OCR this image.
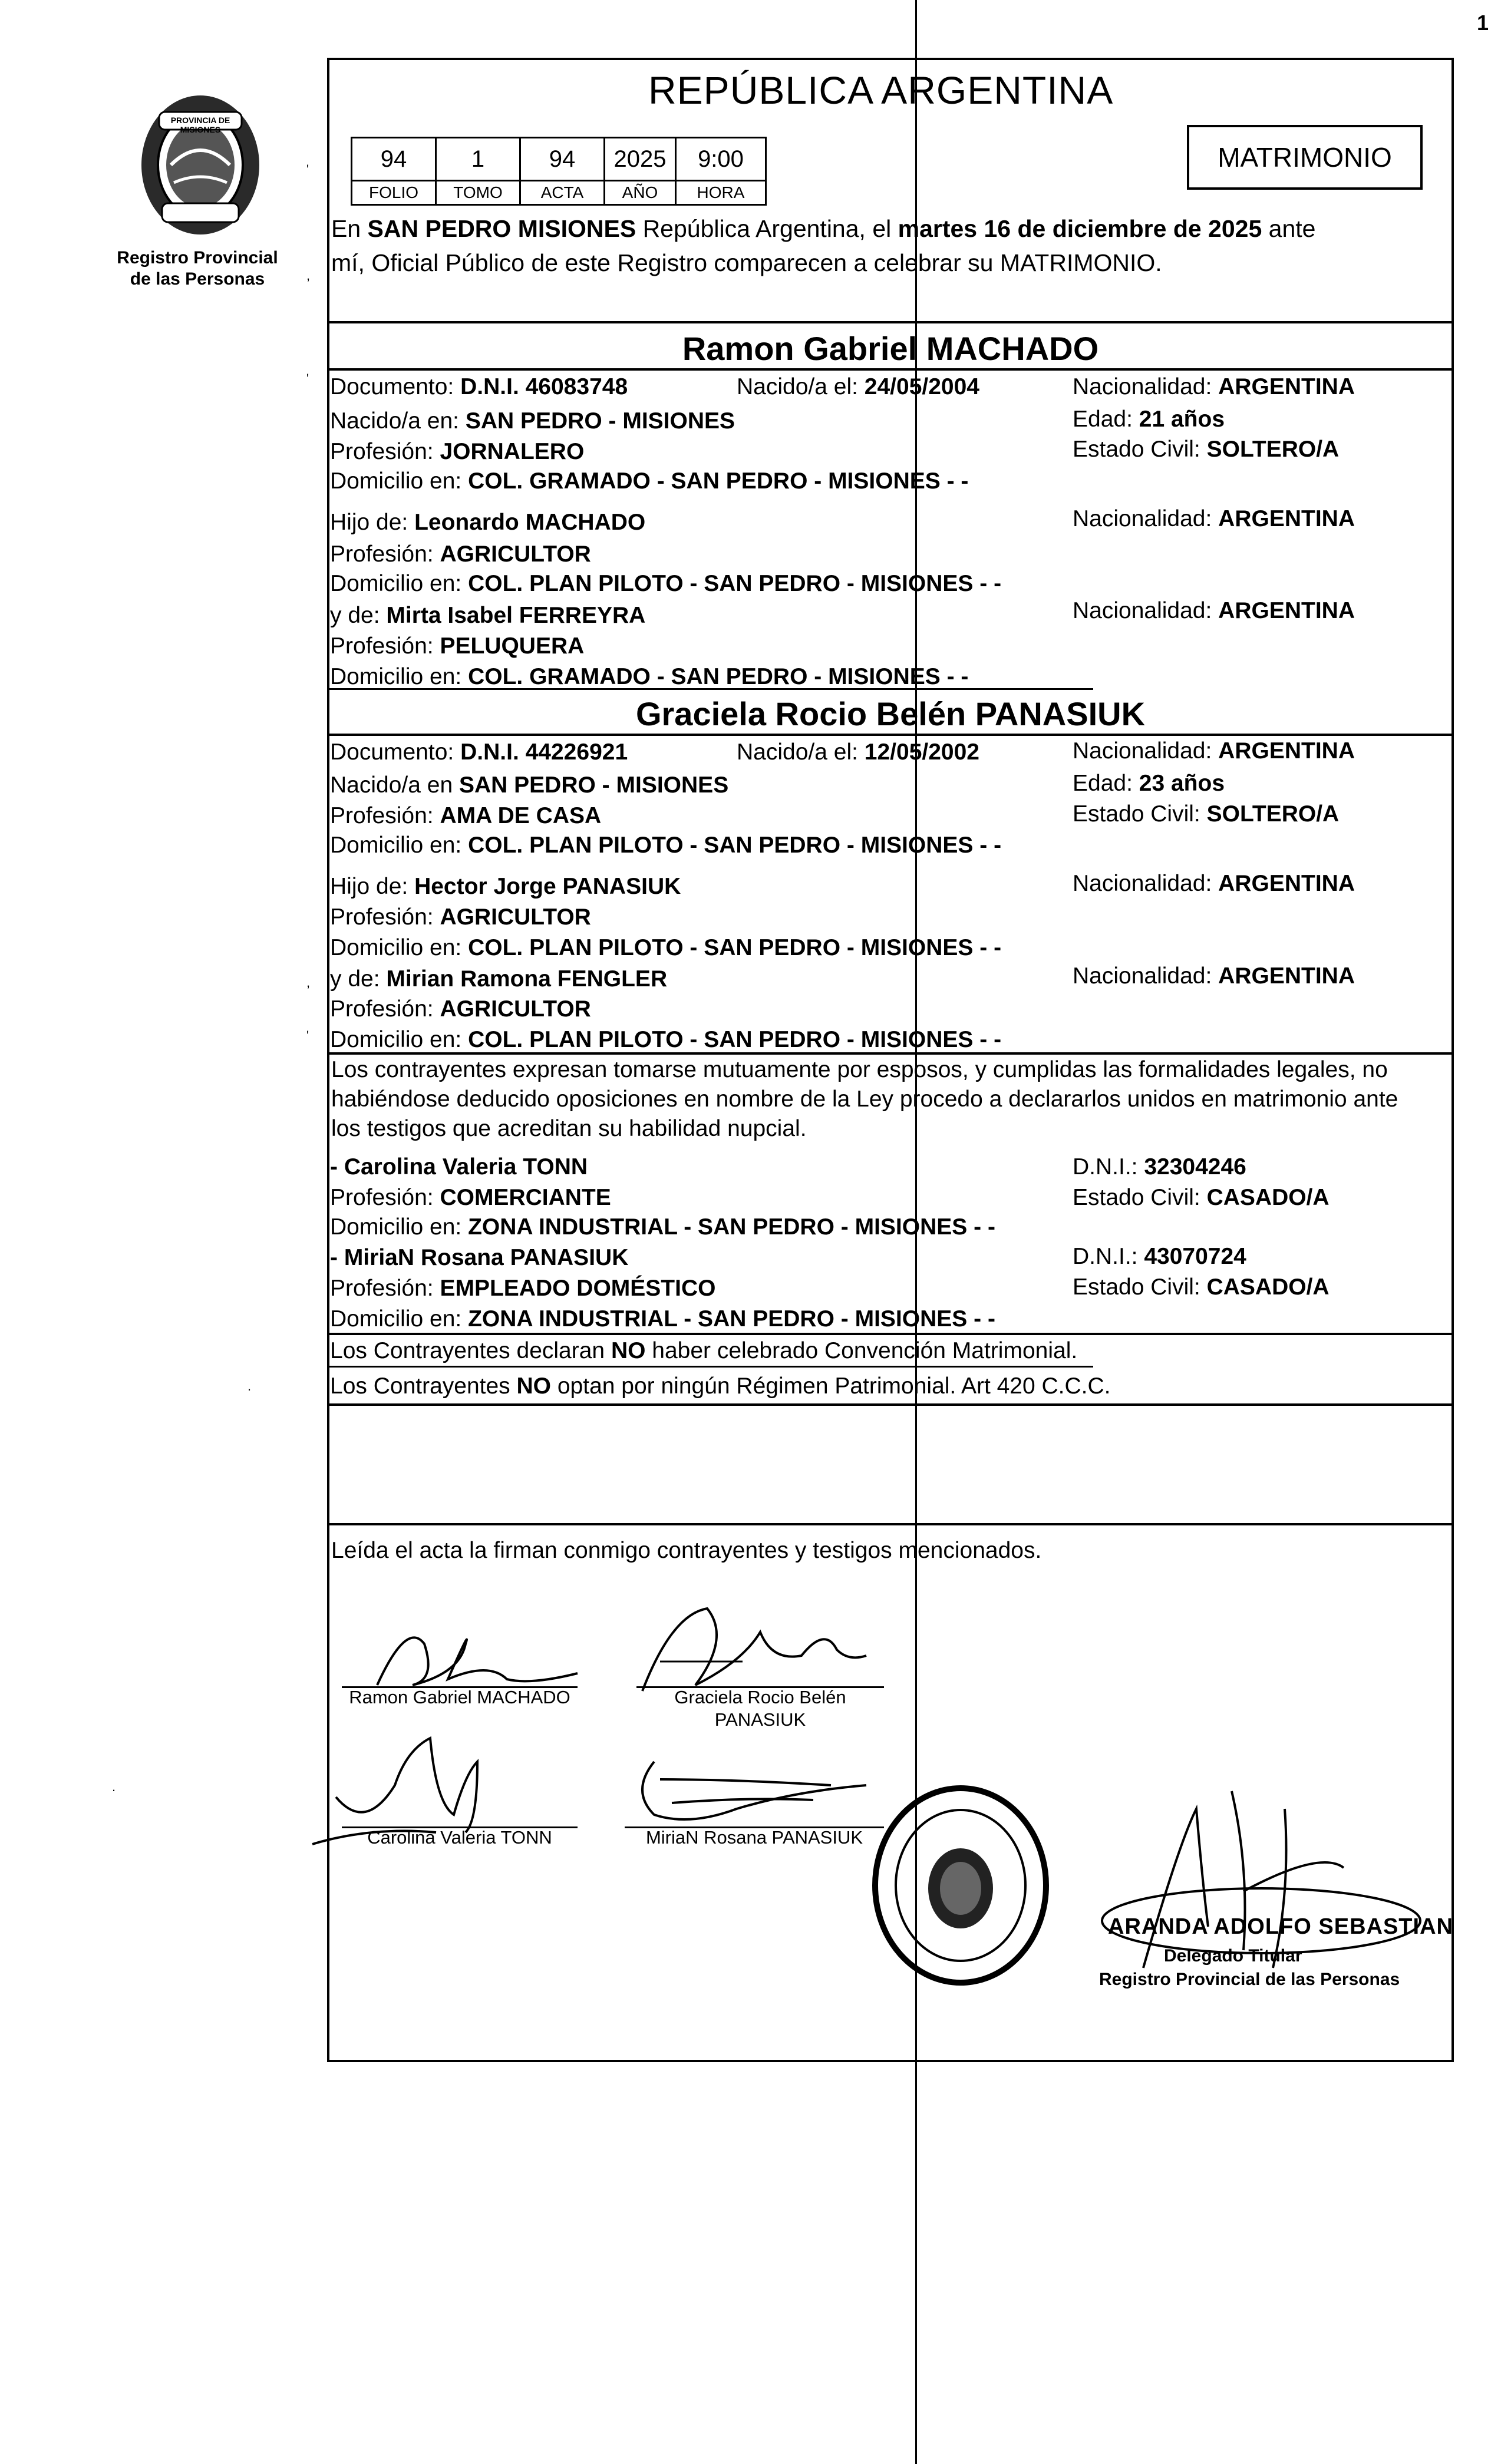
PROVINCIA DE MISIONES
Registro Provincial
de las Personas
1
'
,
'
,
'
.
.
REPÚBLICA ARGENTINA
94	1	94	2025	9:00
FOLIO	TOMO	ACTA	AÑO	HORA
MATRIMONIO
En SAN PEDRO MISIONES República Argentina, el martes 16 de diciembre de 2025 ante
mí, Oficial Público de este Registro comparecen a celebrar su MATRIMONIO.
Ramon Gabriel MACHADO
Documento: D.N.I. 46083748	Nacido/a el: 24/05/2004	Nacionalidad: ARGENTINA
Nacido/a en: SAN PEDRO - MISIONES	Edad: 21 años
Profesión: JORNALERO	Estado Civil: SOLTERO/A
Domicilio en: COL. GRAMADO - SAN PEDRO - MISIONES - -
Hijo de: Leonardo MACHADO	Nacionalidad: ARGENTINA
Profesión: AGRICULTOR
Domicilio en: COL. PLAN PILOTO - SAN PEDRO - MISIONES - -
y de: Mirta Isabel FERREYRA	Nacionalidad: ARGENTINA
Profesión: PELUQUERA
Domicilio en: COL. GRAMADO - SAN PEDRO - MISIONES - -
Graciela Rocio Belén PANASIUK
Documento: D.N.I. 44226921	Nacido/a el: 12/05/2002	Nacionalidad: ARGENTINA
Nacido/a en SAN PEDRO - MISIONES	Edad: 23 años
Profesión: AMA DE CASA	Estado Civil: SOLTERO/A
Domicilio en: COL. PLAN PILOTO - SAN PEDRO - MISIONES - -
Hijo de: Hector Jorge PANASIUK	Nacionalidad: ARGENTINA
Profesión: AGRICULTOR
Domicilio en: COL. PLAN PILOTO - SAN PEDRO - MISIONES - -
y de: Mirian Ramona FENGLER	Nacionalidad: ARGENTINA
Profesión: AGRICULTOR
Domicilio en: COL. PLAN PILOTO - SAN PEDRO - MISIONES - -
Los contrayentes expresan tomarse mutuamente por esposos, y cumplidas las formalidades legales, no
habiéndose deducido oposiciones en nombre de la Ley procedo a declararlos unidos en matrimonio ante
los testigos que acreditan su habilidad nupcial.
- Carolina Valeria TONN	D.N.I.: 32304246
Profesión: COMERCIANTE	Estado Civil: CASADO/A
Domicilio en: ZONA INDUSTRIAL - SAN PEDRO - MISIONES - -
- MiriaN Rosana PANASIUK	D.N.I.: 43070724
Profesión: EMPLEADO DOMÉSTICO	Estado Civil: CASADO/A
Domicilio en: ZONA INDUSTRIAL - SAN PEDRO - MISIONES - -
Los Contrayentes declaran NO haber celebrado Convención Matrimonial.
Los Contrayentes NO optan por ningún Régimen Patrimonial. Art 420 C.C.C.
Leída el acta la firman conmigo contrayentes y testigos mencionados.
Ramon Gabriel MACHADO	Graciela Rocio Belén
PANASIUK
Carolina Valeria TONN	MiriaN Rosana PANASIUK
ARANDA ADOLFO SEBASTIAN
Delegado Titular
Registro Provincial de las Personas
